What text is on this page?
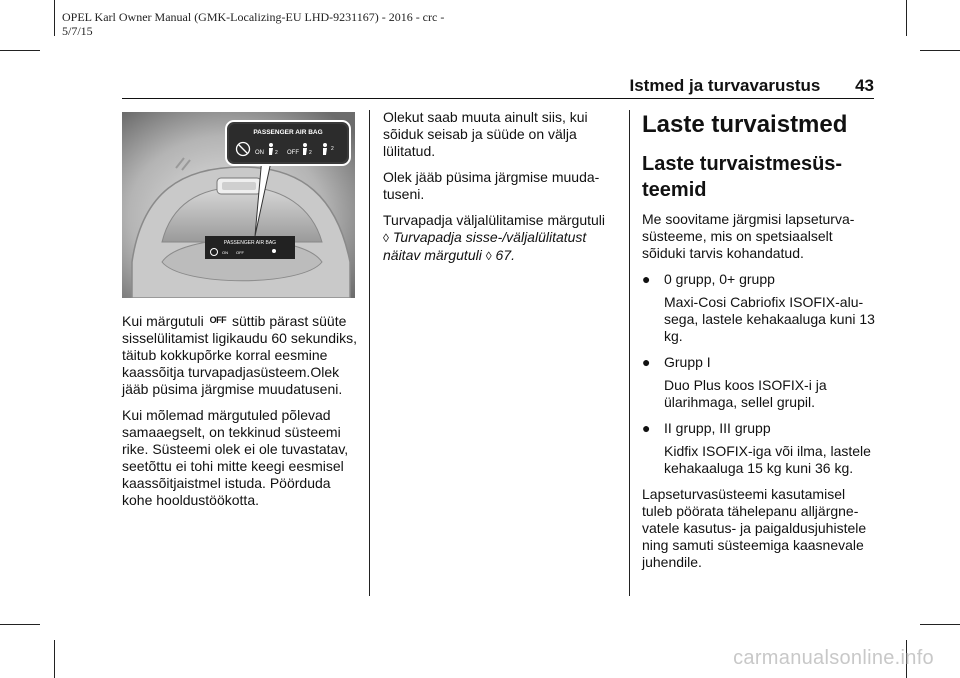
OPEL Karl Owner Manual (GMK-Localizing-EU LHD-9231167) - 2016 - crc -
5/7/15
Istmed ja turvavarustus 43
PASSENGER AIR BAG
ON OFF
PASSENGER AIR BAG
ON 2 OFF 2
2

Kui märgutuli OFF süttib pärast süüte sisselülitamist ligikaudu 60 sekundiks, täitub kokkupõrke korral eesmine kaassõitja turvapadjasüsteem.Olek jääb püsima järgmise muudatuseni.

Kui mõlemad märgutuled põlevad samaaegselt, on tekkinud süsteemi rike. Süsteemi olek ei ole tuvastatav, seetõttu ei tohi mitte keegi eesmisel kaassõitjaistmel istuda. Pöörduda kohe hooldustöökotta.

Olekut saab muuta ainult siis, kui sõiduk seisab ja süüde on välja lülitatud.

Olek jääb püsima järgmise muudatuseni.

Turvapadja väljalülitamise märgutuli
◊ Turvapadja sisse-/väljalülitatust näitav märgutuli ◊ 67.

Laste turvaistmed
Laste turvaistmesüsteemid

Me soovitame järgmisi lapseturvasüsteeme, mis on spetsiaalselt sõiduki tarvis kohandatud.

● 0 grupp, 0+ grupp

Maxi-Cosi Cabriofix ISOFIX-alusega, lastele kehakaaluga kuni 13 kg.

● Grupp I

Duo Plus koos ISOFIX-i ja ülarihmaga, sellel grupil.

● II grupp, III grupp

Kidfix ISOFIX-iga või ilma, lastele kehakaaluga 15 kg kuni 36 kg.

Lapseturvasüsteemi kasutamisel tuleb pöörata tähelepanu alljärgnevatele kasutus- ja paigaldusjuhistele ning samuti süsteemiga kaasnevale juhendile.

carmanualsonline.info
